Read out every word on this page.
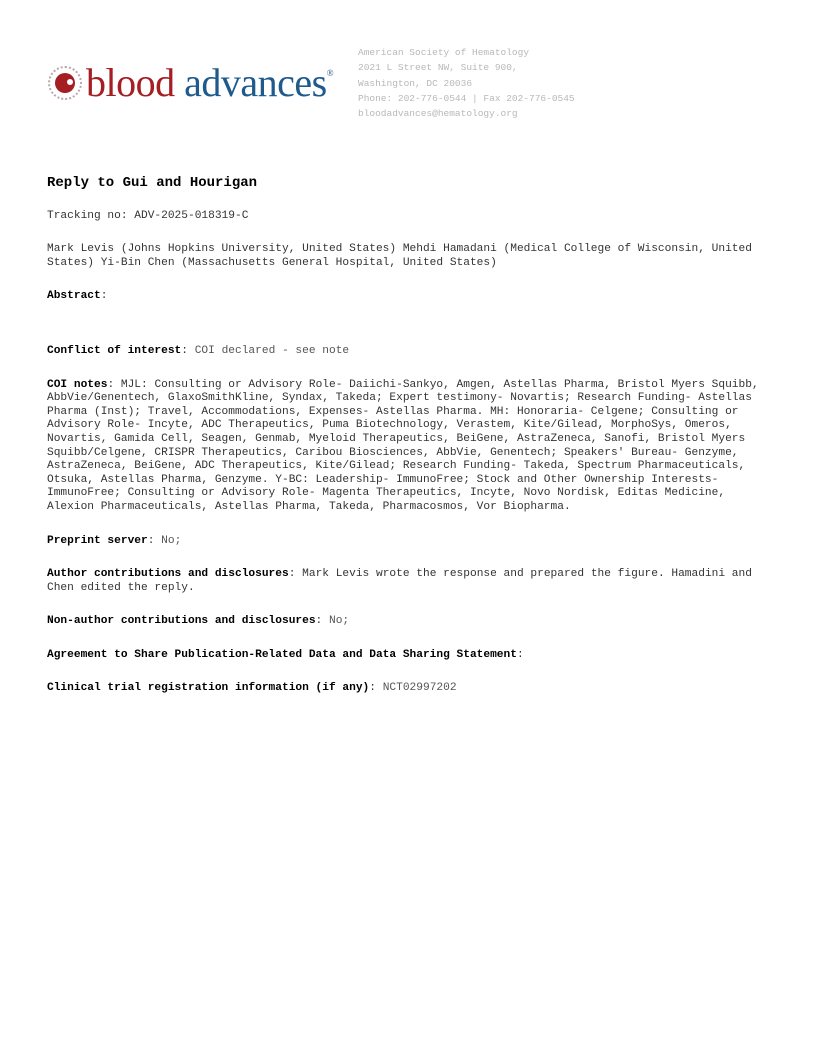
blood advances®
American Society of Hematology
2021 L Street NW, Suite 900,
Washington, DC 20036
Phone: 202-776-0544 | Fax 202-776-0545
bloodadvances@hematology.org
Reply to Gui and Hourigan

Tracking no: ADV-2025-018319-C

Mark Levis (Johns Hopkins University, United States) Mehdi Hamadani (Medical College of Wisconsin, United States) Yi-Bin Chen (Massachusetts General Hospital, United States)

Abstract:

Conflict of interest: COI declared - see note

COI notes: MJL: Consulting or Advisory Role- Daiichi-Sankyo, Amgen, Astellas Pharma, Bristol Myers Squibb, AbbVie/Genentech, GlaxoSmithKline, Syndax, Takeda; Expert testimony- Novartis; Research Funding- Astellas Pharma (Inst); Travel, Accommodations, Expenses- Astellas Pharma. MH: Honoraria- Celgene; Consulting or Advisory Role- Incyte, ADC Therapeutics, Puma Biotechnology, Verastem, Kite/Gilead, MorphoSys, Omeros, Novartis, Gamida Cell, Seagen, Genmab, Myeloid Therapeutics, BeiGene, AstraZeneca, Sanofi, Bristol Myers Squibb/Celgene, CRISPR Therapeutics, Caribou Biosciences, AbbVie, Genentech; Speakers' Bureau- Genzyme, AstraZeneca, BeiGene, ADC Therapeutics, Kite/Gilead; Research Funding- Takeda, Spectrum Pharmaceuticals, Otsuka, Astellas Pharma, Genzyme. Y-BC: Leadership- ImmunoFree; Stock and Other Ownership Interests- ImmunoFree; Consulting or Advisory Role- Magenta Therapeutics, Incyte, Novo Nordisk, Editas Medicine, Alexion Pharmaceuticals, Astellas Pharma, Takeda, Pharmacosmos, Vor Biopharma.

Preprint server: No;

Author contributions and disclosures: Mark Levis wrote the response and prepared the figure. Hamadini and Chen edited the reply.

Non-author contributions and disclosures: No;

Agreement to Share Publication-Related Data and Data Sharing Statement:

Clinical trial registration information (if any): NCT02997202
